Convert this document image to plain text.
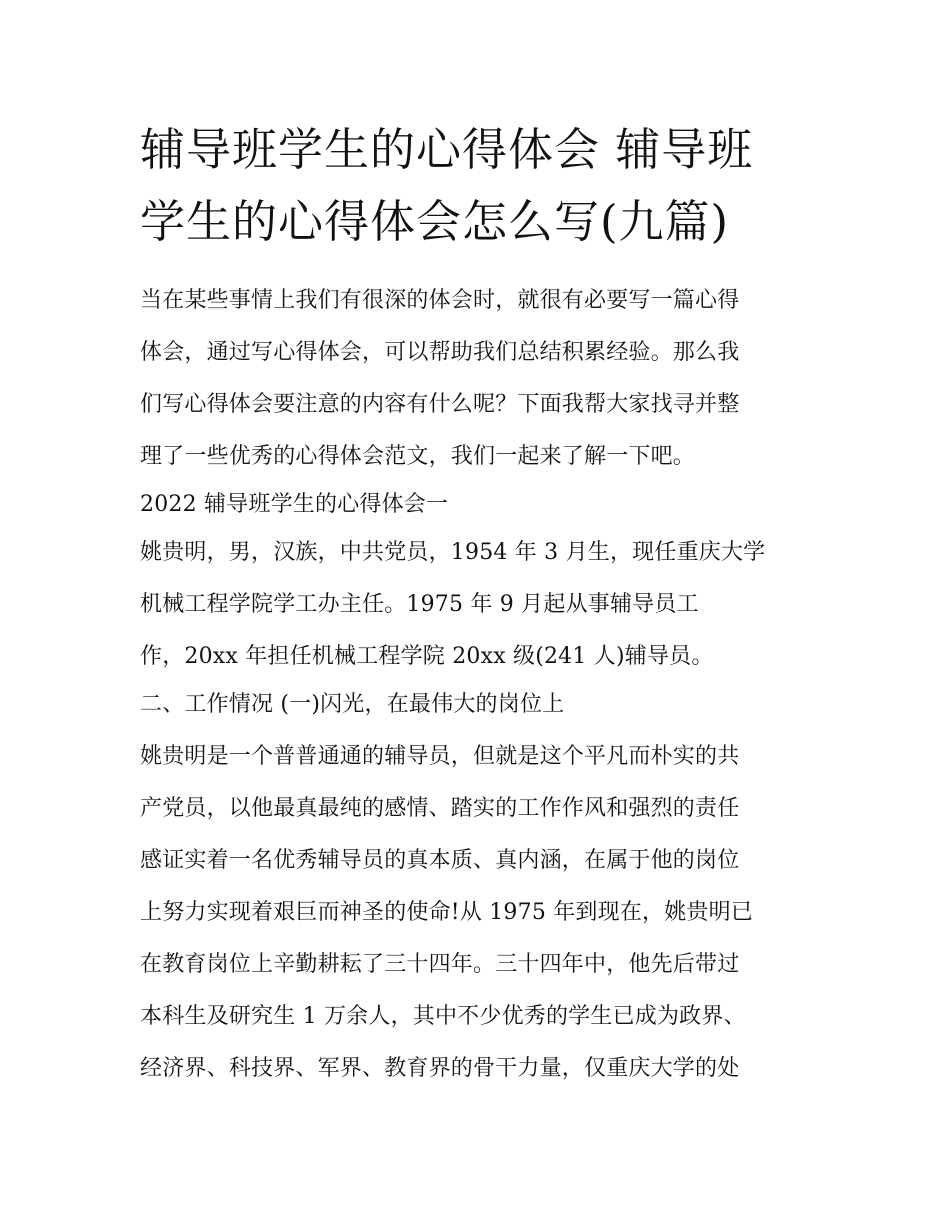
辅导班学生的心得体会 辅导班
学生的心得体会怎么写(九篇)

当在某些事情上我们有很深的体会时，就很有必要写一篇心得

体会，通过写心得体会，可以帮助我们总结积累经验。那么我

们写心得体会要注意的内容有什么呢？下面我帮大家找寻并整

理了一些优秀的心得体会范文，我们一起来了解一下吧。

2022 辅导班学生的心得体会一

姚贵明，男，汉族，中共党员，1954 年 3 月生，现任重庆大学

机械工程学院学工办主任。1975 年 9 月起从事辅导员工

作，20xx 年担任机械工程学院 20xx 级(241 人)辅导员。

二、工作情况 (一)闪光，在最伟大的岗位上

姚贵明是一个普普通通的辅导员，但就是这个平凡而朴实的共

产党员，以他最真最纯的感情、踏实的工作作风和强烈的责任

感证实着一名优秀辅导员的真本质、真内涵，在属于他的岗位

上努力实现着艰巨而神圣的使命!从 1975 年到现在，姚贵明已

在教育岗位上辛勤耕耘了三十四年。三十四年中，他先后带过

本科生及研究生 1 万余人，其中不少优秀的学生已成为政界、

经济界、科技界、军界、教育界的骨干力量，仅重庆大学的处
